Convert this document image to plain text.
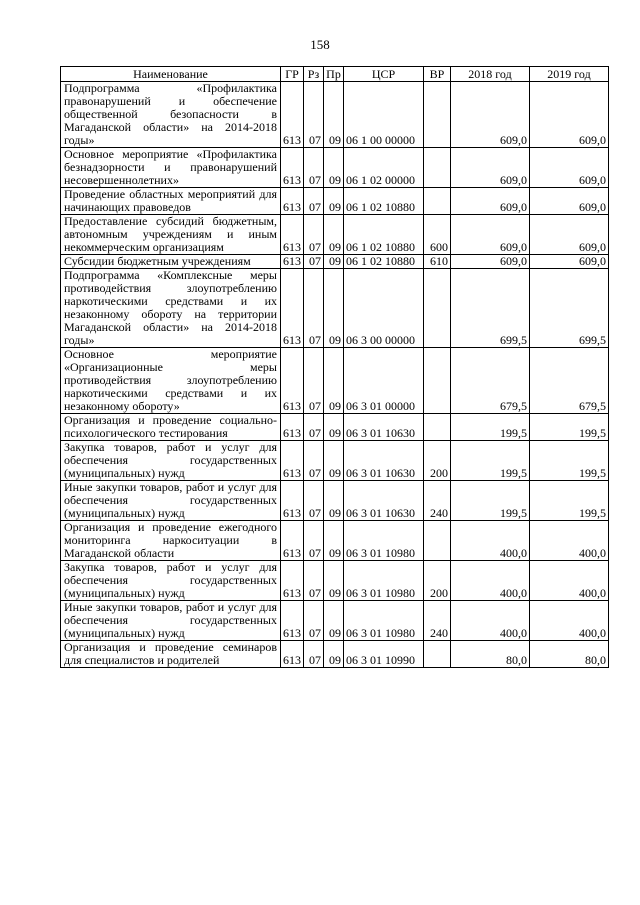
158
Наименование	ГР	Рз	Пр	ЦСР	ВР	2018 год	2019 год
Подпрограмма «Профилактика правонарушений и обеспечение общественной безопасности в Магаданской области» на 2014-2018 годы»	613	07	09	06 1 00 00000		609,0	609,0
Основное мероприятие «Профилактика безнадзорности и правонарушений несовершеннолетних»	613	07	09	06 1 02 00000		609,0	609,0
Проведение областных мероприятий для начинающих правоведов	613	07	09	06 1 02 10880		609,0	609,0
Предоставление субсидий бюджетным, автономным учреждениям и иным некоммерческим организациям	613	07	09	06 1 02 10880	600	609,0	609,0
Субсидии бюджетным учреждениям	613	07	09	06 1 02 10880	610	609,0	609,0
Подпрограмма «Комплексные меры противодействия злоупотреблению наркотическими средствами и их незаконному обороту на территории Магаданской области» на 2014-2018 годы»	613	07	09	06 3 00 00000		699,5	699,5
Основное мероприятие «Организационные меры противодействия злоупотреблению наркотическими средствами и их незаконному обороту»	613	07	09	06 3 01 00000		679,5	679,5
Организация и проведение социально-психологического тестирования	613	07	09	06 3 01 10630		199,5	199,5
Закупка товаров, работ и услуг для обеспечения государственных (муниципальных) нужд	613	07	09	06 3 01 10630	200	199,5	199,5
Иные закупки товаров, работ и услуг для обеспечения государственных (муниципальных) нужд	613	07	09	06 3 01 10630	240	199,5	199,5
Организация и проведение ежегодного мониторинга наркоситуации в Магаданской области	613	07	09	06 3 01 10980		400,0	400,0
Закупка товаров, работ и услуг для обеспечения государственных (муниципальных) нужд	613	07	09	06 3 01 10980	200	400,0	400,0
Иные закупки товаров, работ и услуг для обеспечения государственных (муниципальных) нужд	613	07	09	06 3 01 10980	240	400,0	400,0
Организация и проведение семинаров для специалистов и родителей	613	07	09	06 3 01 10990		80,0	80,0
